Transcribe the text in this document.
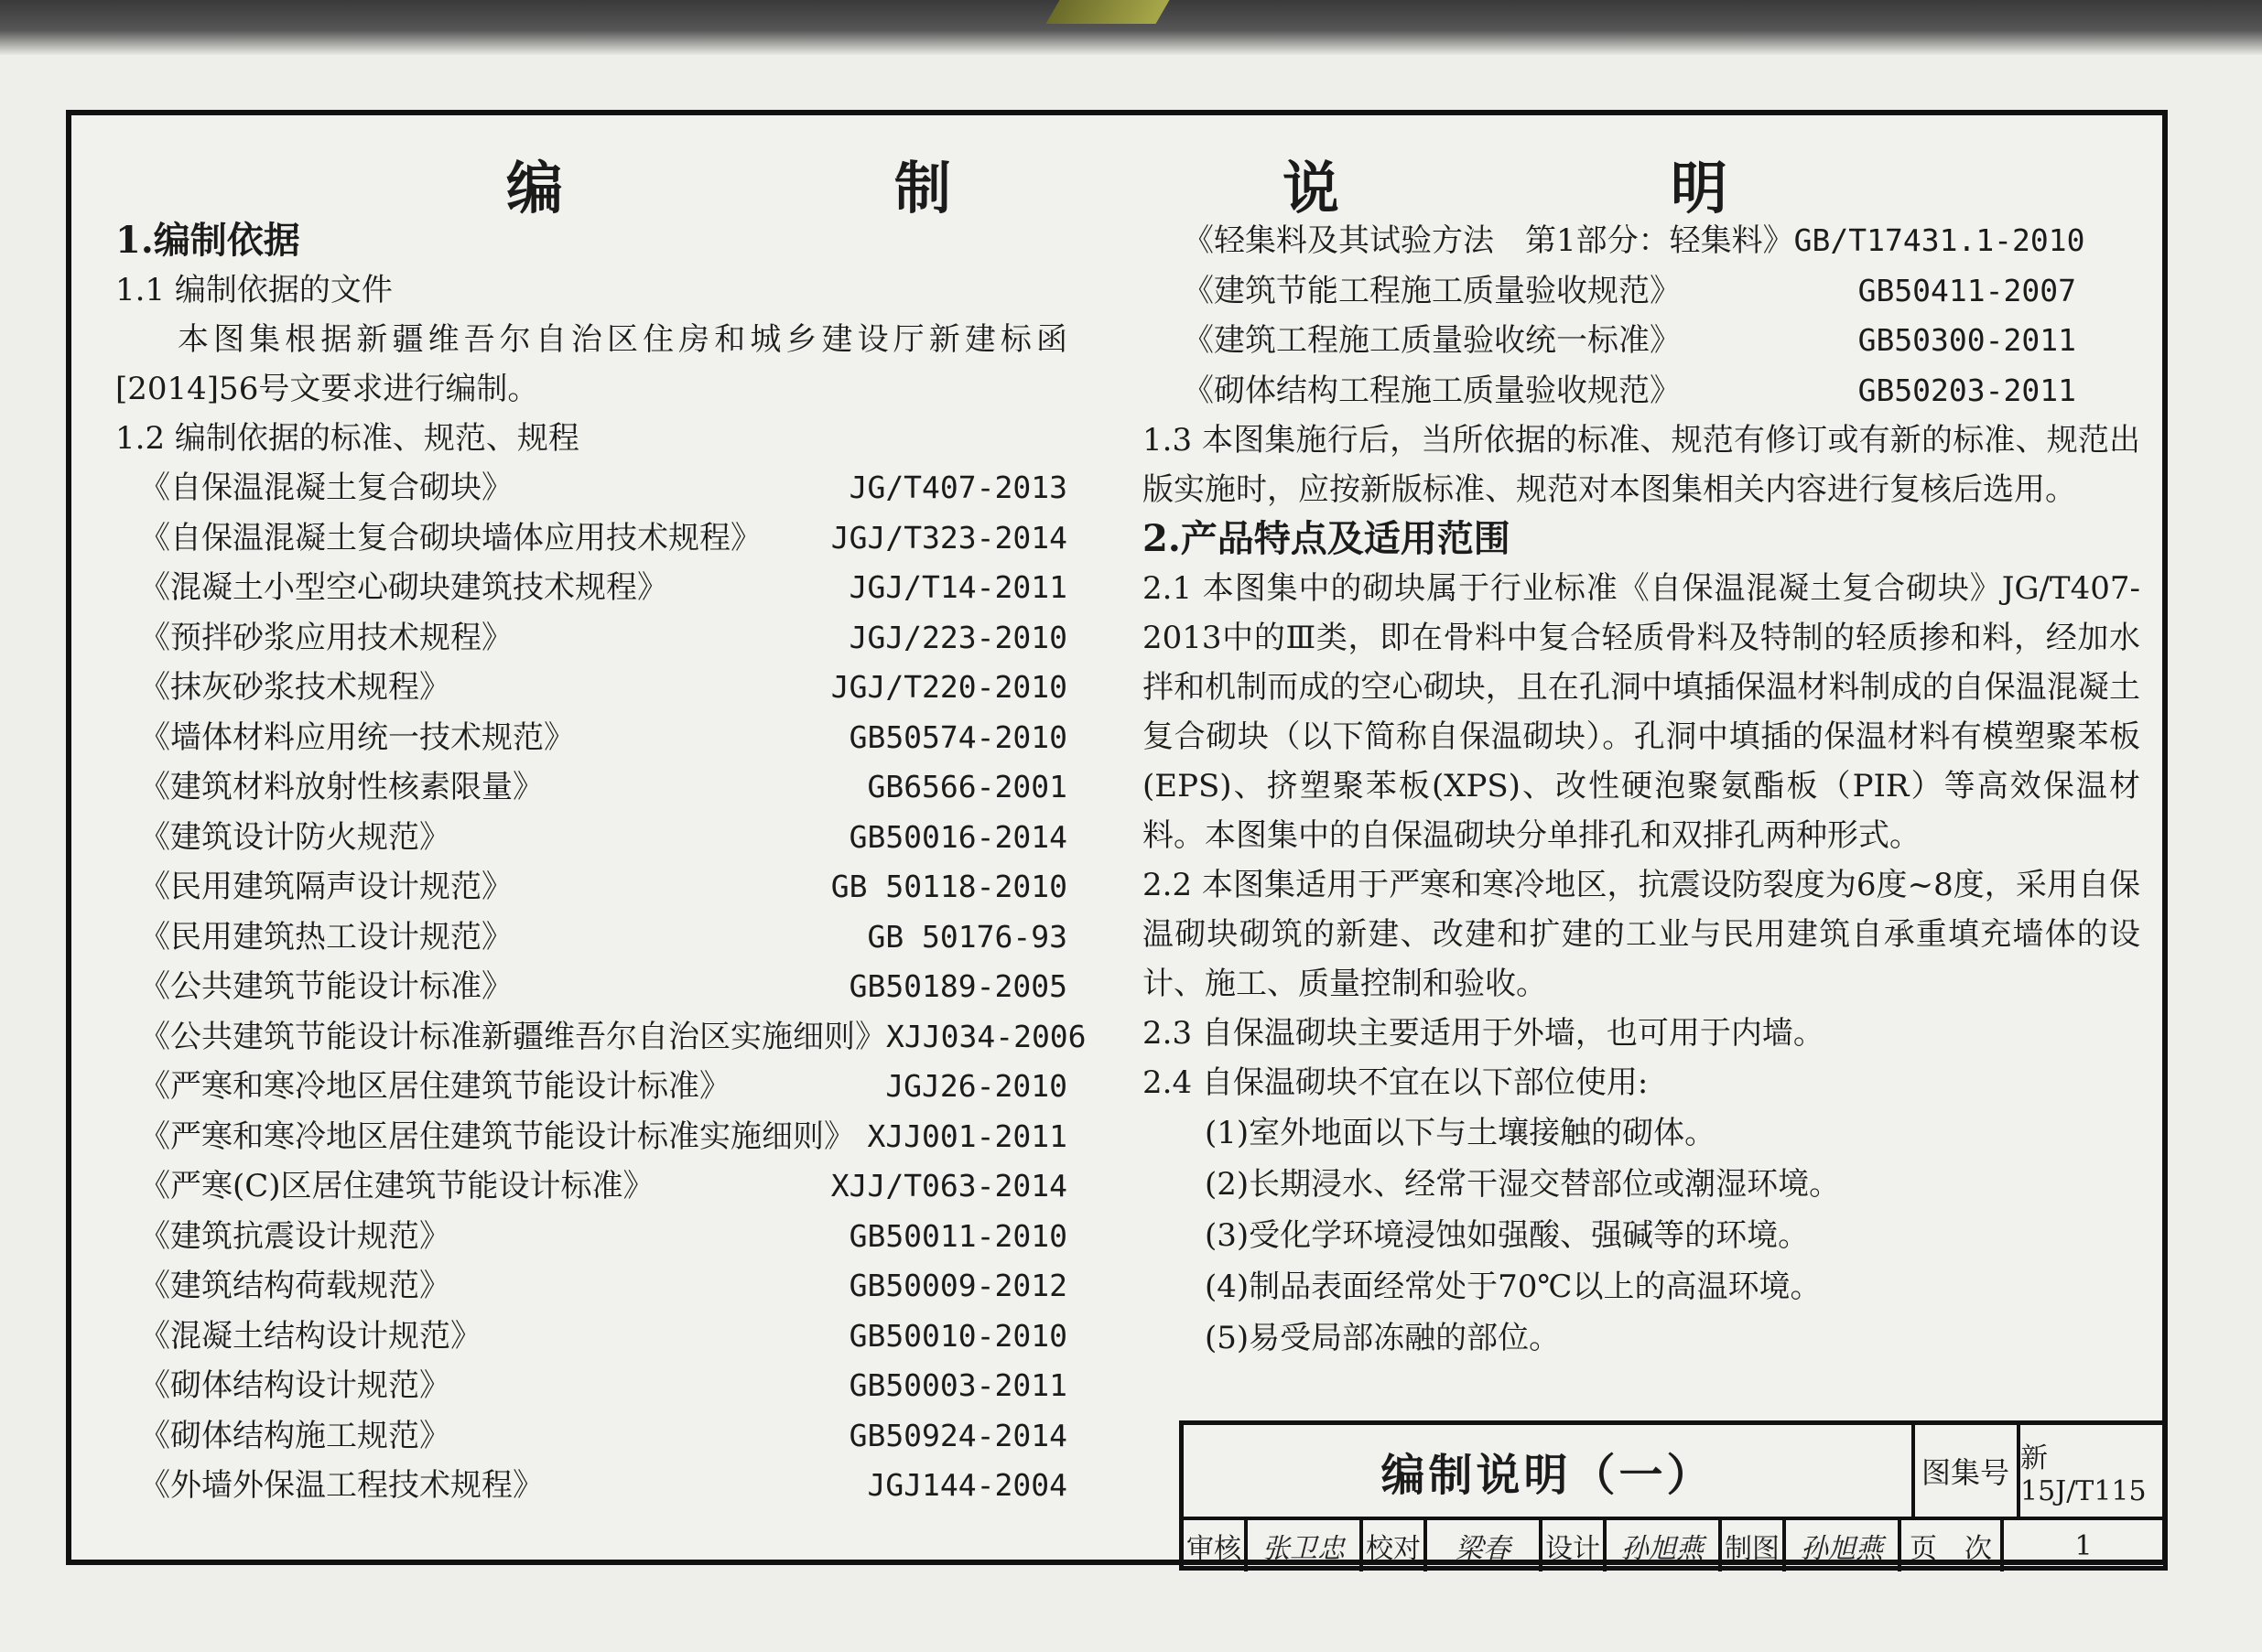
编　制　说　明
1.编制依据
1.1 编制依据的文件
本图集根据新疆维吾尔自治区住房和城乡建设厅新建标函[2014]56号文要求进行编制。
1.2 编制依据的标准、规范、规程
《自保温混凝土复合砌块》	JG/T407-2013
《自保温混凝土复合砌块墙体应用技术规程》 JGJ/T323-2014
《混凝土小型空心砌块建筑技术规程》	JGJ/T14-2011
《预拌砂浆应用技术规程》	JGJ/223-2010
《抹灰砂浆技术规程》	JGJ/T220-2010
《墙体材料应用统一技术规范》	GB50574-2010
《建筑材料放射性核素限量》	GB6566-2001
《建筑设计防火规范》	GB50016-2014
《民用建筑隔声设计规范》	GB 50118-2010
《民用建筑热工设计规范》	GB 50176-93
《公共建筑节能设计标准》	GB50189-2005
《公共建筑节能设计标准新疆维吾尔自治区实施细则》 XJJ034-2006
《严寒和寒冷地区居住建筑节能设计标准》	JGJ26-2010
《严寒和寒冷地区居住建筑节能设计标准实施细则》 XJJ001-2011
《严寒(C)区居住建筑节能设计标准》	XJJ/T063-2014
《建筑抗震设计规范》	GB50011-2010
《建筑结构荷载规范》	GB50009-2012
《混凝土结构设计规范》	GB50010-2010
《砌体结构设计规范》	GB50003-2011
《砌体结构施工规范》	GB50924-2014
《外墙外保温工程技术规程》	JGJ144-2004
《轻集料及其试验方法　第1部分：轻集料》 GB/T17431.1-2010
《建筑节能工程施工质量验收规范》	GB50411-2007
《建筑工程施工质量验收统一标准》	GB50300-2011
《砌体结构工程施工质量验收规范》	GB50203-2011
1.3 本图集施行后，当所依据的标准、规范有修订或有新的标准、规范出版实施时，应按新版标准、规范对本图集相关内容进行复核后选用。
2.产品特点及适用范围
2.1 本图集中的砌块属于行业标准《自保温混凝土复合砌块》JG/T407-2013中的Ⅲ类，即在骨料中复合轻质骨料及特制的轻质掺和料，经加水拌和机制而成的空心砌块，且在孔洞中填插保温材料制成的自保温混凝土复合砌块（以下简称自保温砌块）。孔洞中填插的保温材料有模塑聚苯板(EPS)、挤塑聚苯板(XPS)、改性硬泡聚氨酯板（PIR）等高效保温材料。本图集中的自保温砌块分单排孔和双排孔两种形式。
2.2 本图集适用于严寒和寒冷地区，抗震设防裂度为6度~8度，采用自保温砌块砌筑的新建、改建和扩建的工业与民用建筑自承重填充墙体的设计、施工、质量控制和验收。
2.3 自保温砌块主要适用于外墙，也可用于内墙。
2.4 自保温砌块不宜在以下部位使用:
(1)室外地面以下与土壤接触的砌体。
(2)长期浸水、经常干湿交替部位或潮湿环境。
(3)受化学环境浸蚀如强酸、强碱等的环境。
(4)制品表面经常处于70℃以上的高温环境。
(5)易受局部冻融的部位。
编制说明（一）	图集号 新15J/T115
审核 张卫忠 校对	梁春	设计 孙旭燕 制图 孙旭燕 页　次	1
